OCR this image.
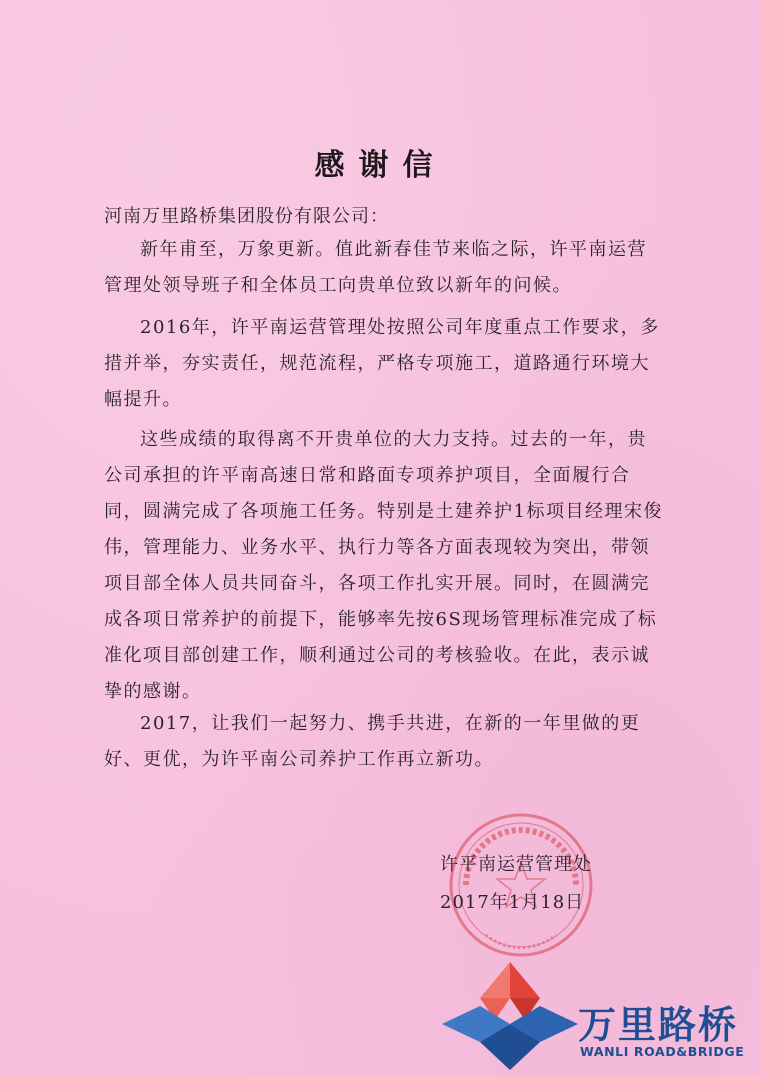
感谢信
河南万里路桥集团股份有限公司：

新年甫至，万象更新。值此新春佳节来临之际，许平南运营管理处领导班子和全体员工向贵单位致以新年的问候。

2016年，许平南运营管理处按照公司年度重点工作要求，多措并举，夯实责任，规范流程，严格专项施工，道路通行环境大幅提升。

这些成绩的取得离不开贵单位的大力支持。过去的一年，贵公司承担的许平南高速日常和路面专项养护项目，全面履行合同，圆满完成了各项施工任务。特别是土建养护1标项目经理宋俊伟，管理能力、业务水平、执行力等各方面表现较为突出，带领项目部全体人员共同奋斗，各项工作扎实开展。同时，在圆满完成各项日常养护的前提下，能够率先按6S现场管理标准完成了标准化项目部创建工作，顺利通过公司的考核验收。在此，表示诚挚的感谢。

2017，让我们一起努力、携手共进，在新的一年里做的更好、更优，为许平南公司养护工作再立新功。

许平南运营管理处
2017年1月18日
万里路桥
WANLI ROAD&BRIDGE
